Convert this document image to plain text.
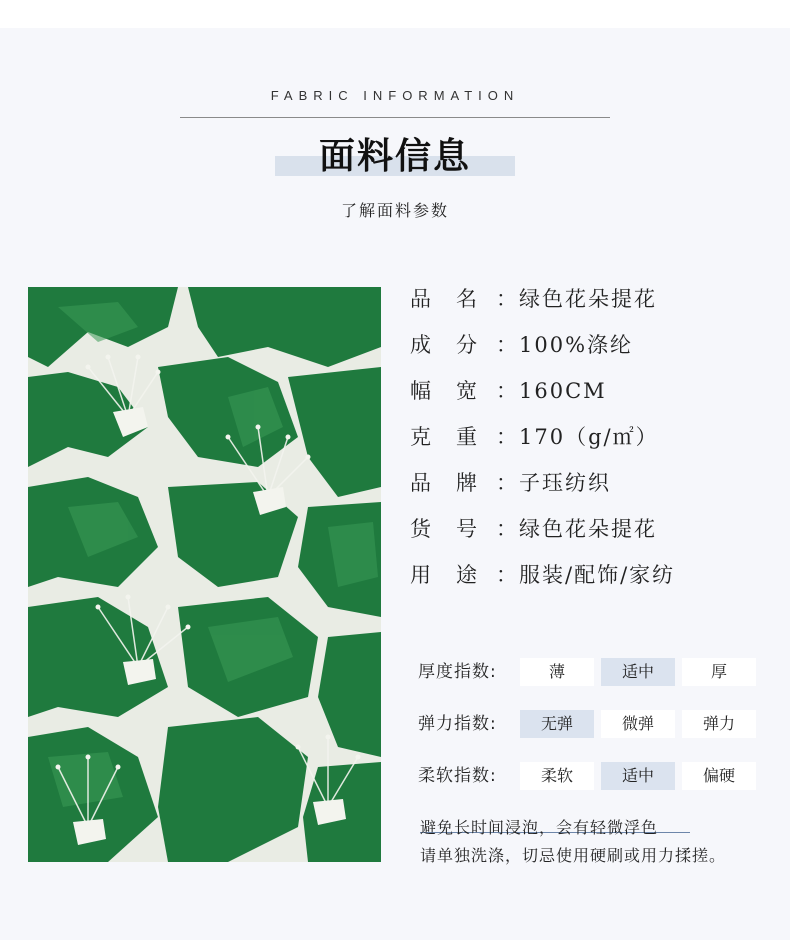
FABRIC INFORMATION
面料信息
了解面料参数
品　名 ：绿色花朵提花
成　分 ：100%涤纶
幅　宽 ：160CM
克　重 ：170（g/㎡）
品　牌 ：子珏纺织
货　号 ：绿色花朵提花
用　途 ：服装/配饰/家纺
厚度指数:	薄	适中	厚
弹力指数:	无弹	微弹	弹力
柔软指数:	柔软	适中	偏硬
避免长时间浸泡，会有轻微浮色
请单独洗涤，切忌使用硬刷或用力揉搓。
